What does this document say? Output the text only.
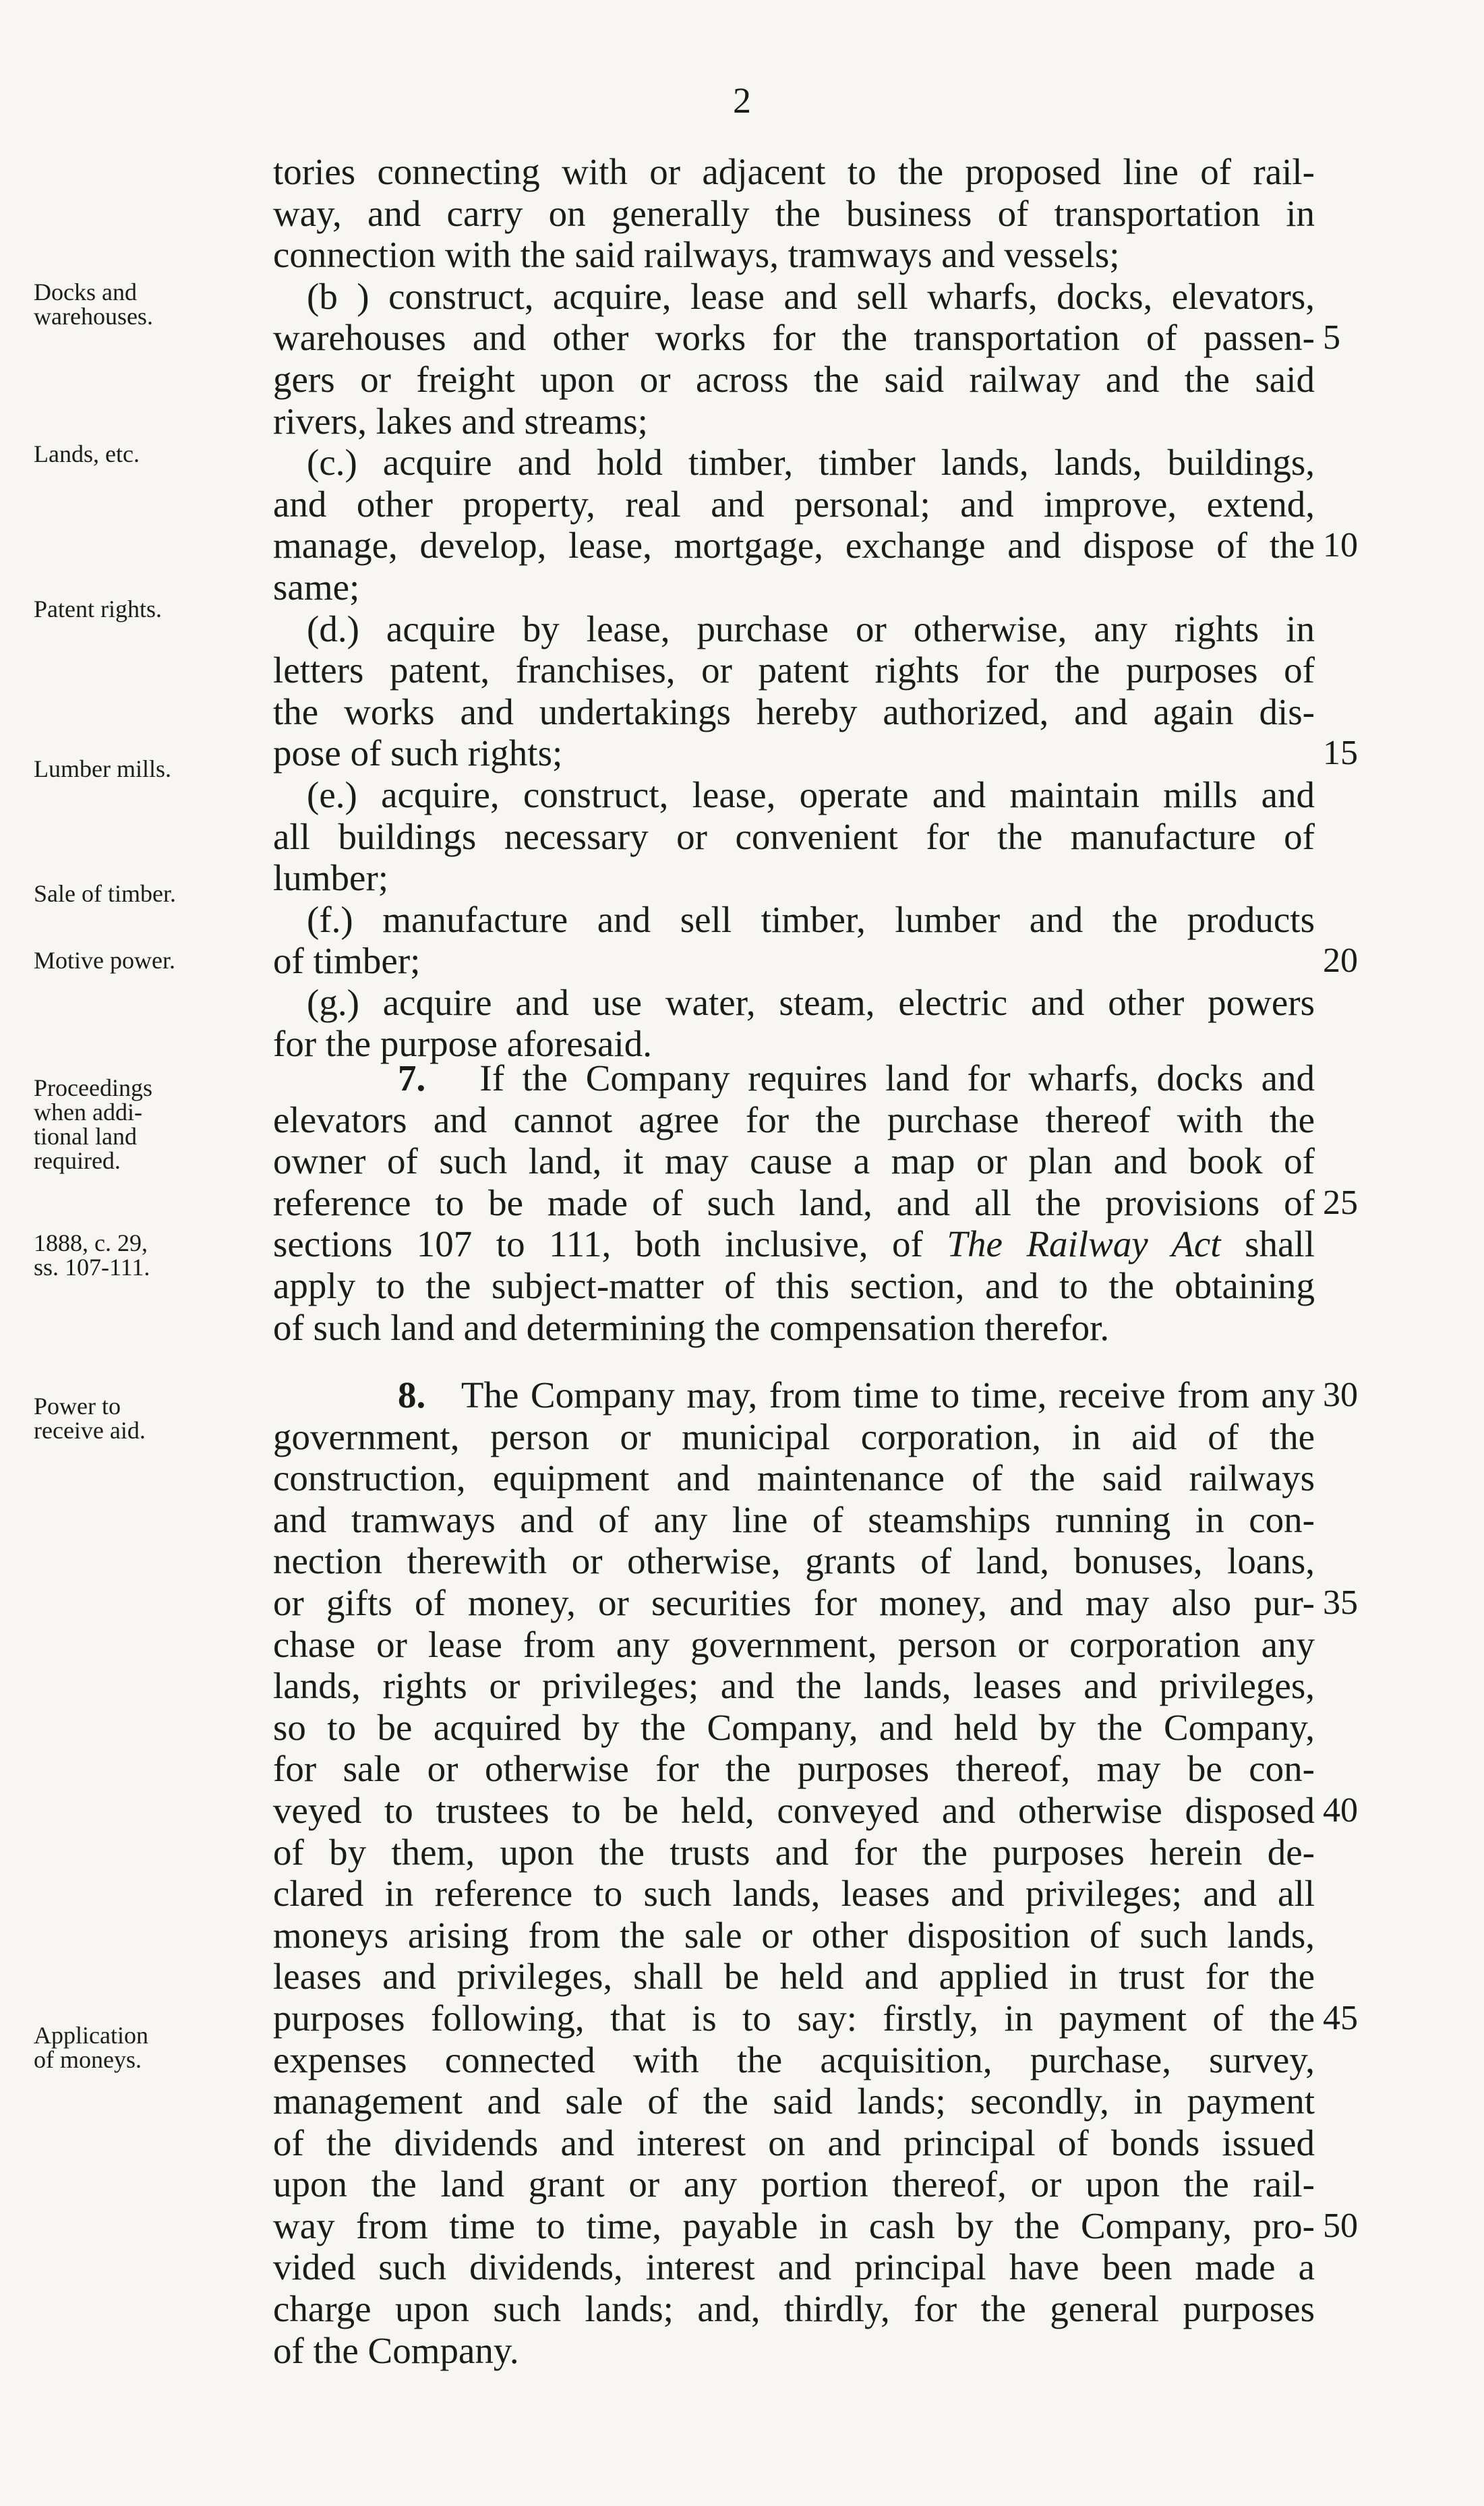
2
Docks and
warehouses.
Lands, etc.
Patent rights.
Lumber mills.
Sale of timber.
Motive power.
Proceedings
when addi-
tional land
required.
1888, c. 29,
ss. 107-111.
Power to
receive aid.
Application
of moneys.
tories connecting with or adjacent to the proposed line of rail-
way, and carry on generally the business of transportation in
connection with the said railways, tramways and vessels;
(b ) construct, acquire, lease and sell wharfs, docks, elevators,
warehouses and other works for the transportation of passen-
gers or freight upon or across the said railway and the said
rivers, lakes and streams;
(c.) acquire and hold timber, timber lands, lands, buildings,
and other property, real and personal; and improve, extend,
manage, develop, lease, mortgage, exchange and dispose of the
same;
(d.) acquire by lease, purchase or otherwise, any rights in
letters patent, franchises, or patent rights for the purposes of
the works and undertakings hereby authorized, and again dis-
pose of such rights;
(e.) acquire, construct, lease, operate and maintain mills and
all buildings necessary or convenient for the manufacture of
lumber;
(f.) manufacture and sell timber, lumber and the products
of timber;
(g.) acquire and use water, steam, electric and other powers
for the purpose aforesaid.
7. If the Company requires land for wharfs, docks and
elevators and cannot agree for the purchase thereof with the
owner of such land, it may cause a map or plan and book of
reference to be made of such land, and all the provisions of
sections 107 to 111, both inclusive, of The Railway Act shall
apply to the subject-matter of this section, and to the obtaining
of such land and determining the compensation therefor.
8. The Company may, from time to time, receive from any
government, person or municipal corporation, in aid of the
construction, equipment and maintenance of the said railways
and tramways and of any line of steamships running in con-
nection therewith or otherwise, grants of land, bonuses, loans,
or gifts of money, or securities for money, and may also pur-
chase or lease from any government, person or corporation any
lands, rights or privileges; and the lands, leases and privileges,
so to be acquired by the Company, and held by the Company,
for sale or otherwise for the purposes thereof, may be con-
veyed to trustees to be held, conveyed and otherwise disposed
of by them, upon the trusts and for the purposes herein de-
clared in reference to such lands, leases and privileges; and all
moneys arising from the sale or other disposition of such lands,
leases and privileges, shall be held and applied in trust for the
purposes following, that is to say: firstly, in payment of the
expenses connected with the acquisition, purchase, survey,
management and sale of the said lands; secondly, in payment
of the dividends and interest on and principal of bonds issued
upon the land grant or any portion thereof, or upon the rail-
way from time to time, payable in cash by the Company, pro-
vided such dividends, interest and principal have been made a
charge upon such lands; and, thirdly, for the general purposes
of the Company.
5
10
15
20
25
30
35
40
45
50
